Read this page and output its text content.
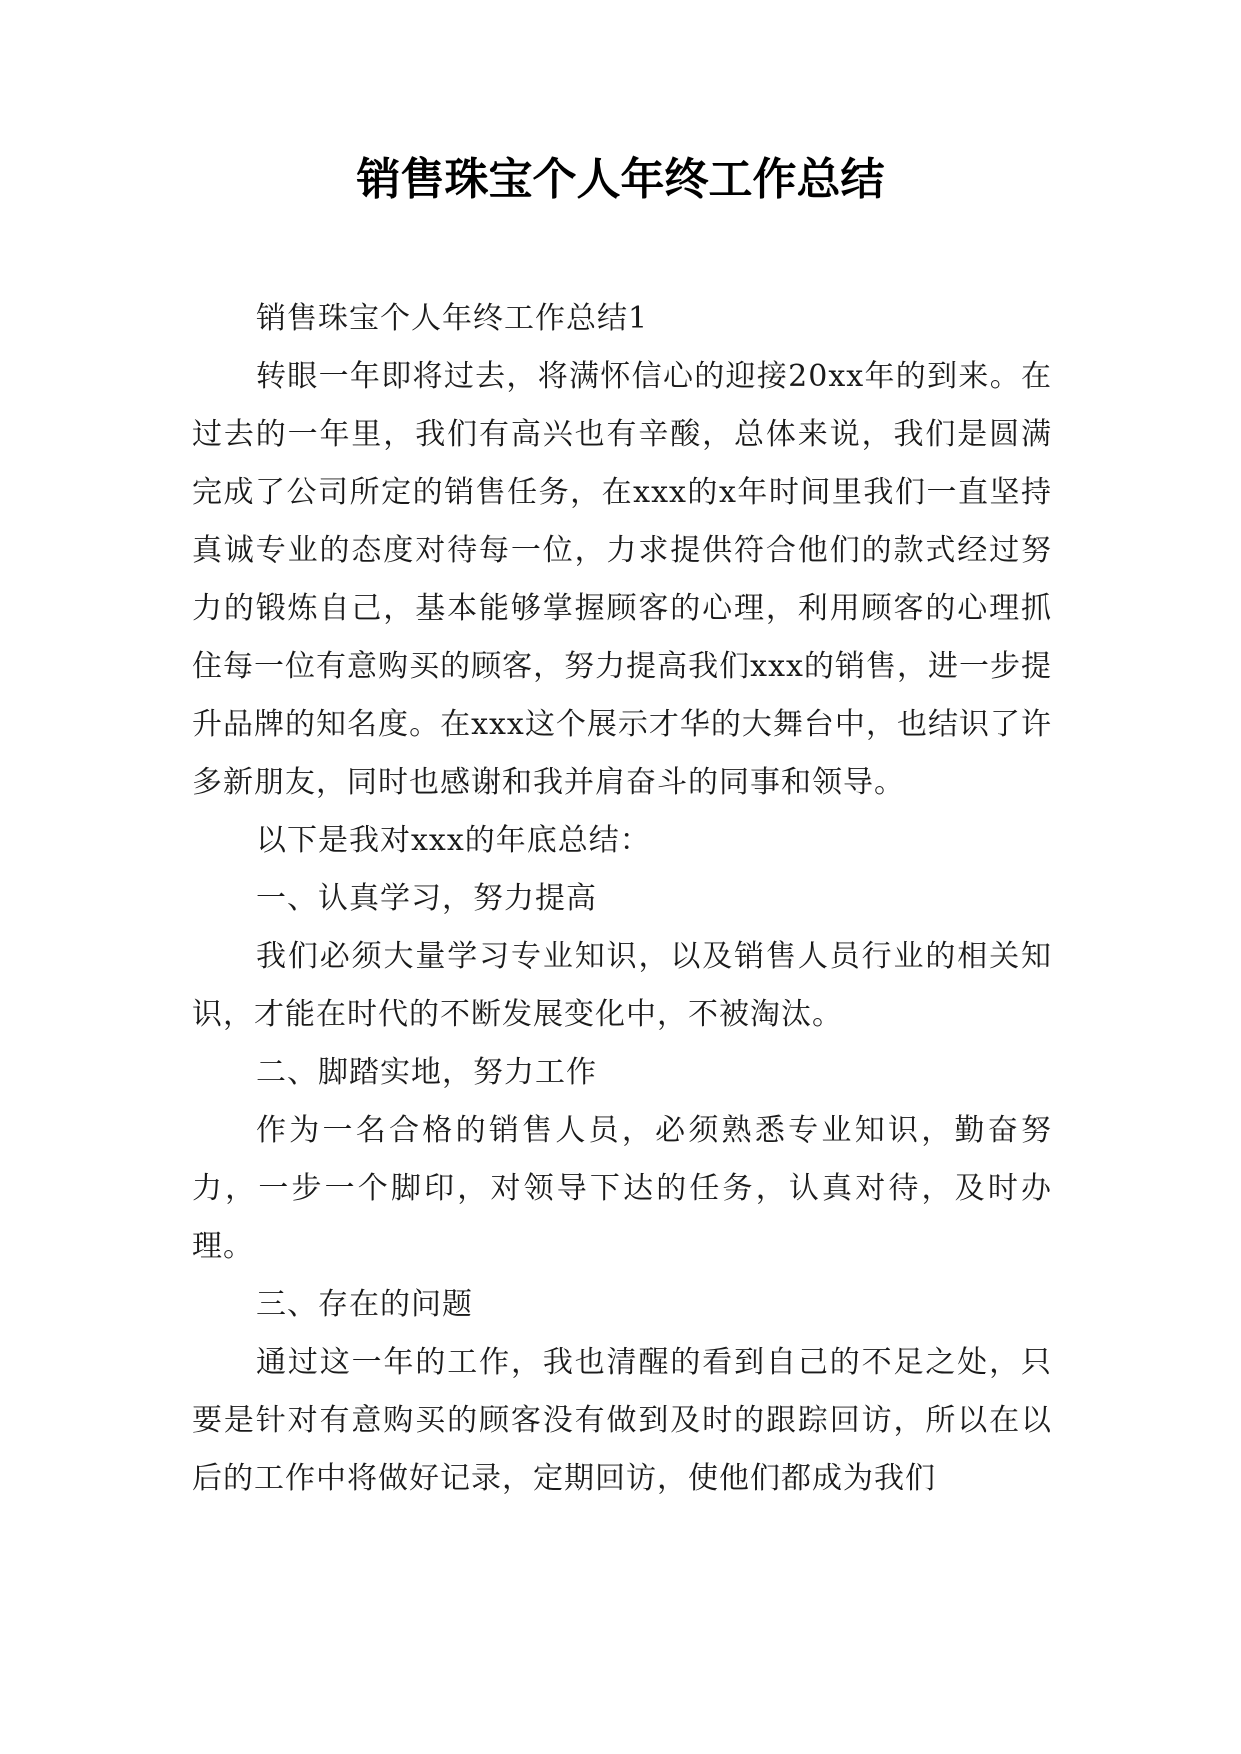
销售珠宝个人年终工作总结

销售珠宝个人年终工作总结1

转眼一年即将过去，将满怀信心的迎接20xx年的到来。在过去的一年里，我们有高兴也有辛酸，总体来说，我们是圆满完成了公司所定的销售任务，在xxx的x年时间里我们一直坚持真诚专业的态度对待每一位，力求提供符合他们的款式经过努力的锻炼自己，基本能够掌握顾客的心理，利用顾客的心理抓住每一位有意购买的顾客，努力提高我们xxx的销售，进一步提升品牌的知名度。在xxx这个展示才华的大舞台中，也结识了许多新朋友，同时也感谢和我并肩奋斗的同事和领导。

以下是我对xxx的年底总结：

一、认真学习，努力提高

我们必须大量学习专业知识，以及销售人员行业的相关知识，才能在时代的不断发展变化中，不被淘汰。

二、脚踏实地，努力工作

作为一名合格的销售人员，必须熟悉专业知识，勤奋努力，一步一个脚印，对领导下达的任务，认真对待，及时办理。

三、存在的问题

通过这一年的工作，我也清醒的看到自己的不足之处，只要是针对有意购买的顾客没有做到及时的跟踪回访，所以在以后的工作中将做好记录，定期回访，使他们都成为我们
